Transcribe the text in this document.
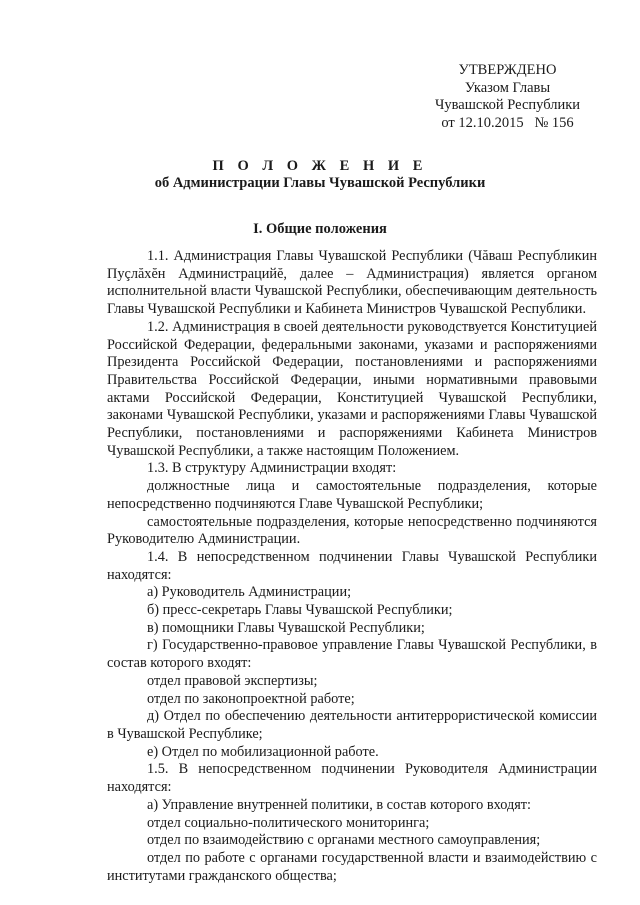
УТВЕРЖДЕНО
Указом Главы
Чувашской Республики
от 12.10.2015   № 156
П О Л О Ж Е Н И Е
об Администрации Главы Чувашской Республики
I. Общие положения

1.1. Администрация Главы Чувашской Республики (Чăваш Республикин Пуçлăхĕн Администрацийĕ, далее – Администрация) является органом исполнительной власти Чувашской Республики, обеспечивающим деятельность Главы Чувашской Республики и Кабинета Министров Чувашской Республики.

1.2. Администрация в своей деятельности руководствуется Конституцией Российской Федерации, федеральными законами, указами и распоряжениями Президента Российской Федерации, постановлениями и распоряжениями Правительства Российской Федерации, иными нормативными правовыми актами Российской Федерации, Конституцией Чувашской Республики, законами Чувашской Республики, указами и распоряжениями Главы Чувашской Республики, постановлениями и распоряжениями Кабинета Министров Чувашской Республики, а также настоящим Положением.

1.3. В структуру Администрации входят:

должностные лица и самостоятельные подразделения, которые непосредственно подчиняются Главе Чувашской Республики;

самостоятельные подразделения, которые непосредственно подчиняются Руководителю Администрации.

1.4. В непосредственном подчинении Главы Чувашской Республики находятся:

а) Руководитель Администрации;

б) пресс-секретарь Главы Чувашской Республики;

в) помощники Главы Чувашской Республики;

г) Государственно-правовое управление Главы Чувашской Республики, в состав которого входят:

отдел правовой экспертизы;

отдел по законопроектной работе;

д) Отдел по обеспечению деятельности антитеррористической комиссии в Чувашской Республике;

е) Отдел по мобилизационной работе.

1.5. В непосредственном подчинении Руководителя Администрации находятся:

а) Управление внутренней политики, в состав которого входят:

отдел социально-политического мониторинга;

отдел по взаимодействию с органами местного самоуправления;

отдел по работе с органами государственной власти и взаимодействию с институтами гражданского общества;
